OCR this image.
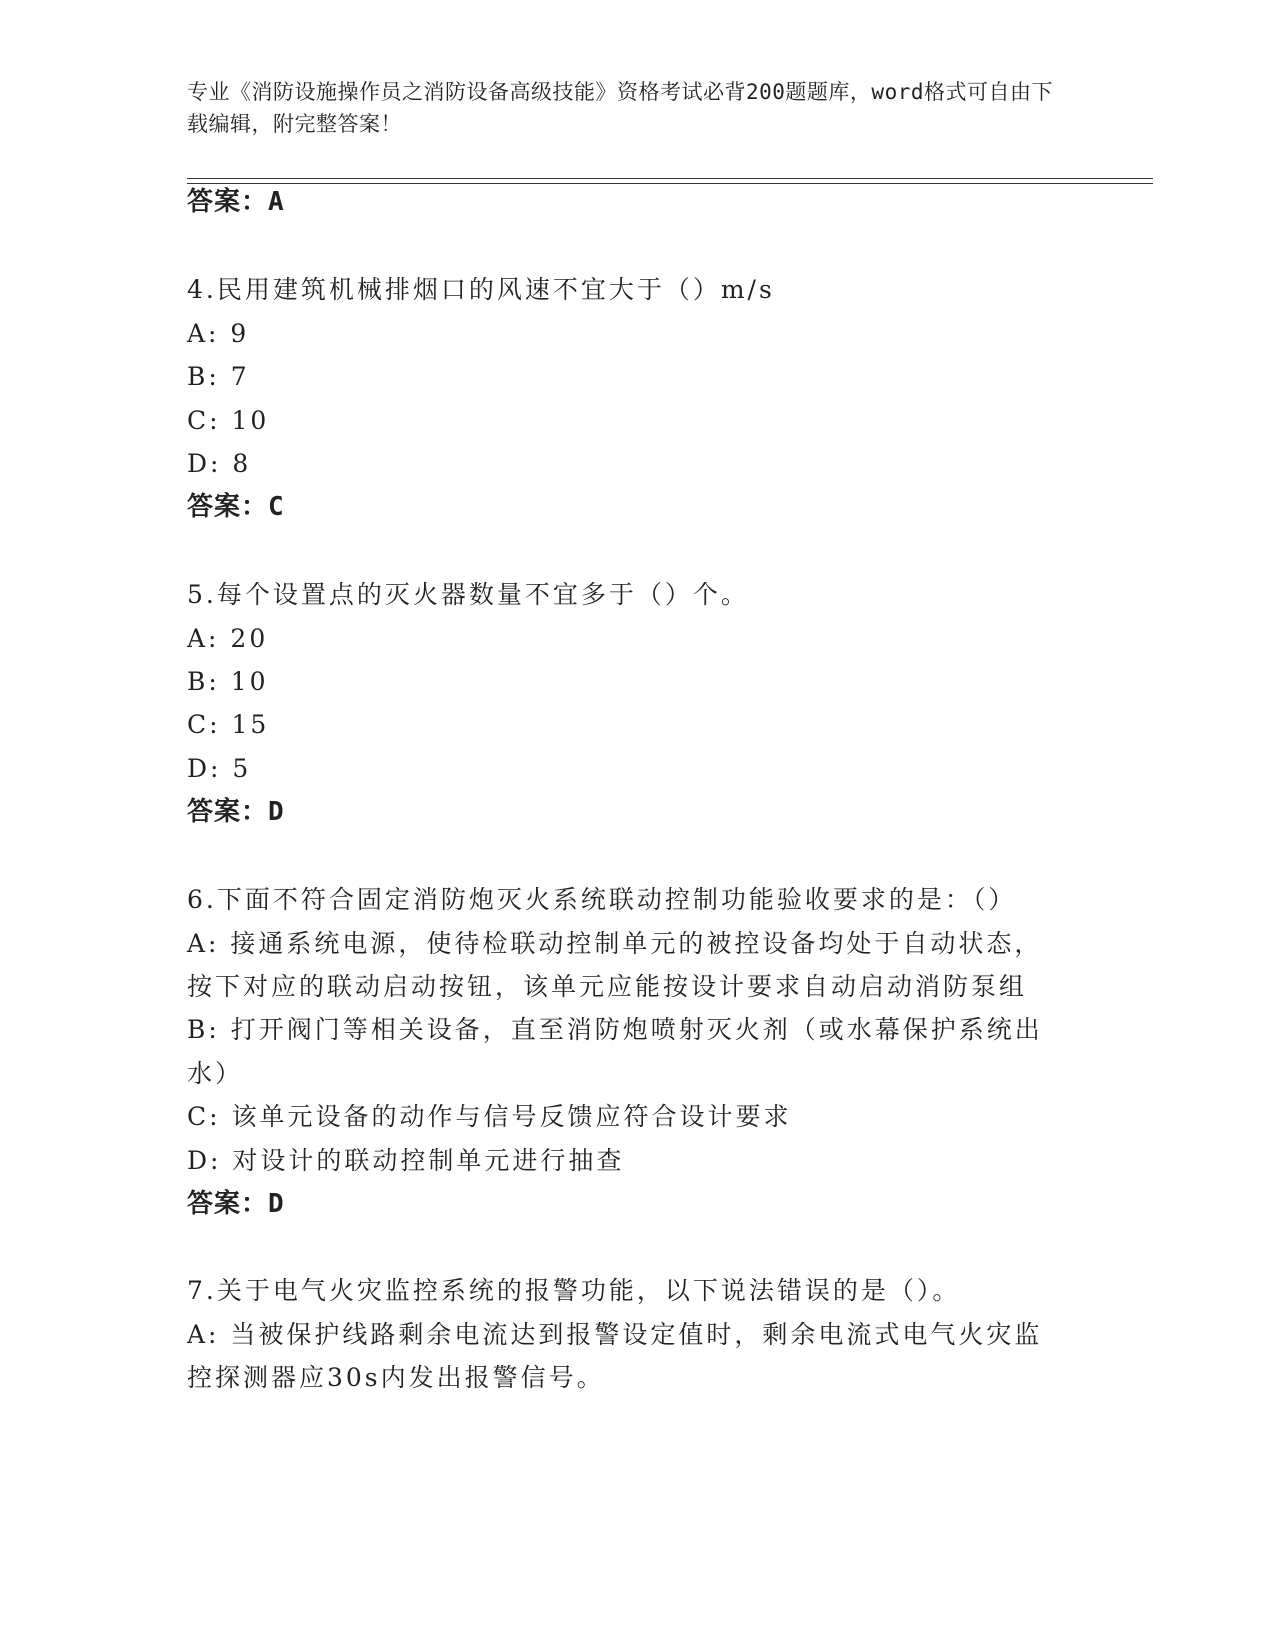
专业《消防设施操作员之消防设备高级技能》资格考试必背200题题库，word格式可自由下载编辑，附完整答案！
答案：A
4.民用建筑机械排烟口的风速不宜大于（）m/s
A: 9
B: 7
C: 10
D: 8
答案：C
5.每个设置点的灭火器数量不宜多于（）个。
A: 20
B: 10
C: 15
D: 5
答案：D
6.下面不符合固定消防炮灭火系统联动控制功能验收要求的是：（）
A: 接通系统电源，使待检联动控制单元的被控设备均处于自动状态，
按下对应的联动启动按钮，该单元应能按设计要求自动启动消防泵组
B: 打开阀门等相关设备，直至消防炮喷射灭火剂（或水幕保护系统出
水）
C: 该单元设备的动作与信号反馈应符合设计要求
D: 对设计的联动控制单元进行抽查
答案：D
7.关于电气火灾监控系统的报警功能，以下说法错误的是（）。
A: 当被保护线路剩余电流达到报警设定值时，剩余电流式电气火灾监
控探测器应30s内发出报警信号。
